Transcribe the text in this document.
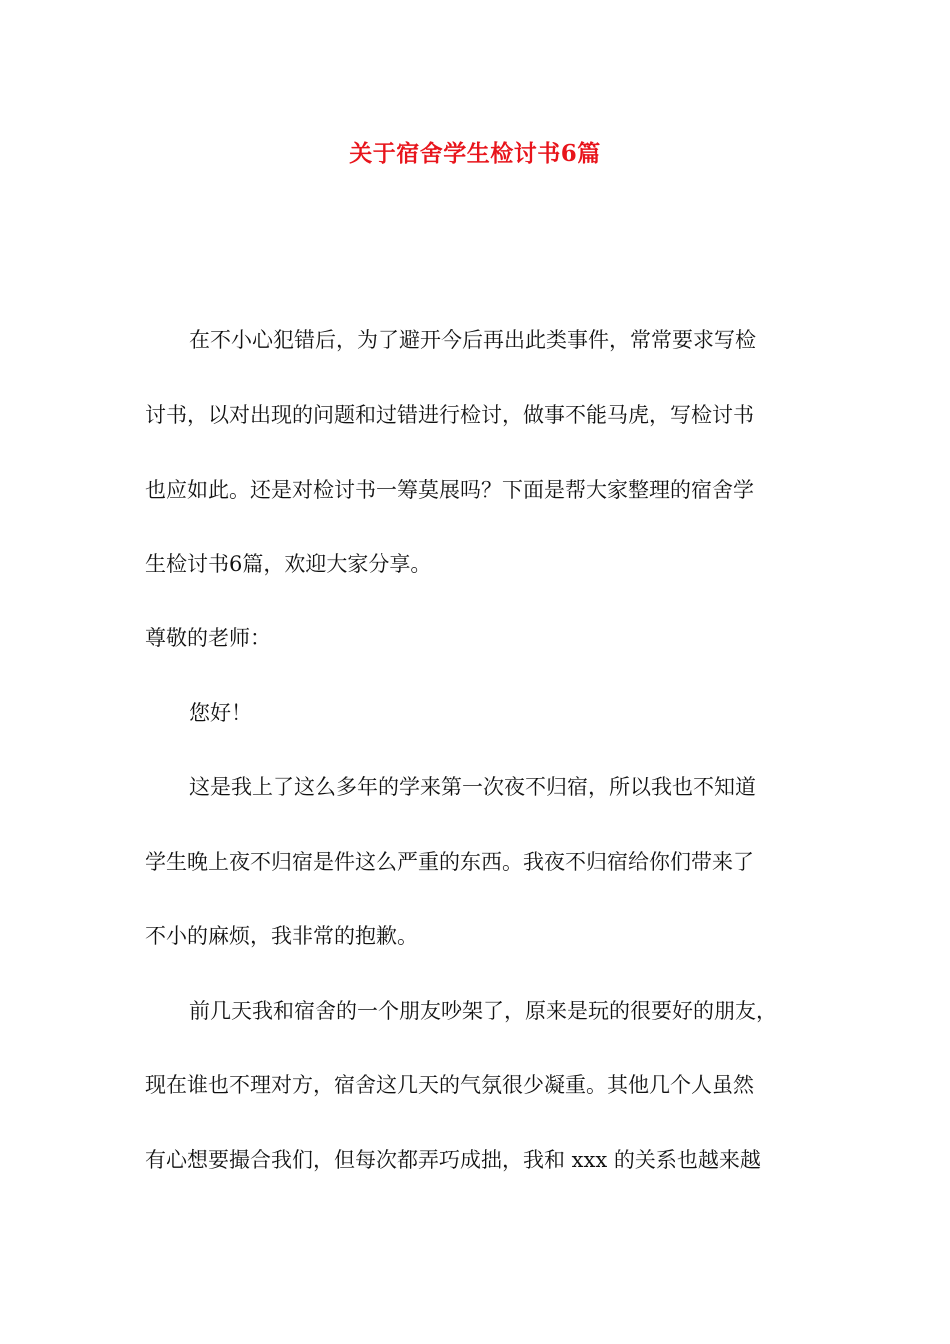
关于宿舍学生检讨书6篇
在不小心犯错后，为了避开今后再出此类事件，常常要求写检
讨书，以对出现的问题和过错进行检讨，做事不能马虎，写检讨书
也应如此。还是对检讨书一筹莫展吗？下面是帮大家整理的宿舍学
生检讨书6篇，欢迎大家分享。
尊敬的老师：
您好！
这是我上了这么多年的学来第一次夜不归宿，所以我也不知道
学生晚上夜不归宿是件这么严重的东西。我夜不归宿给你们带来了
不小的麻烦，我非常的抱歉。
前几天我和宿舍的一个朋友吵架了，原来是玩的很要好的朋友，
现在谁也不理对方，宿舍这几天的气氛很少凝重。其他几个人虽然
有心想要撮合我们，但每次都弄巧成拙，我和 xxx 的关系也越来越
